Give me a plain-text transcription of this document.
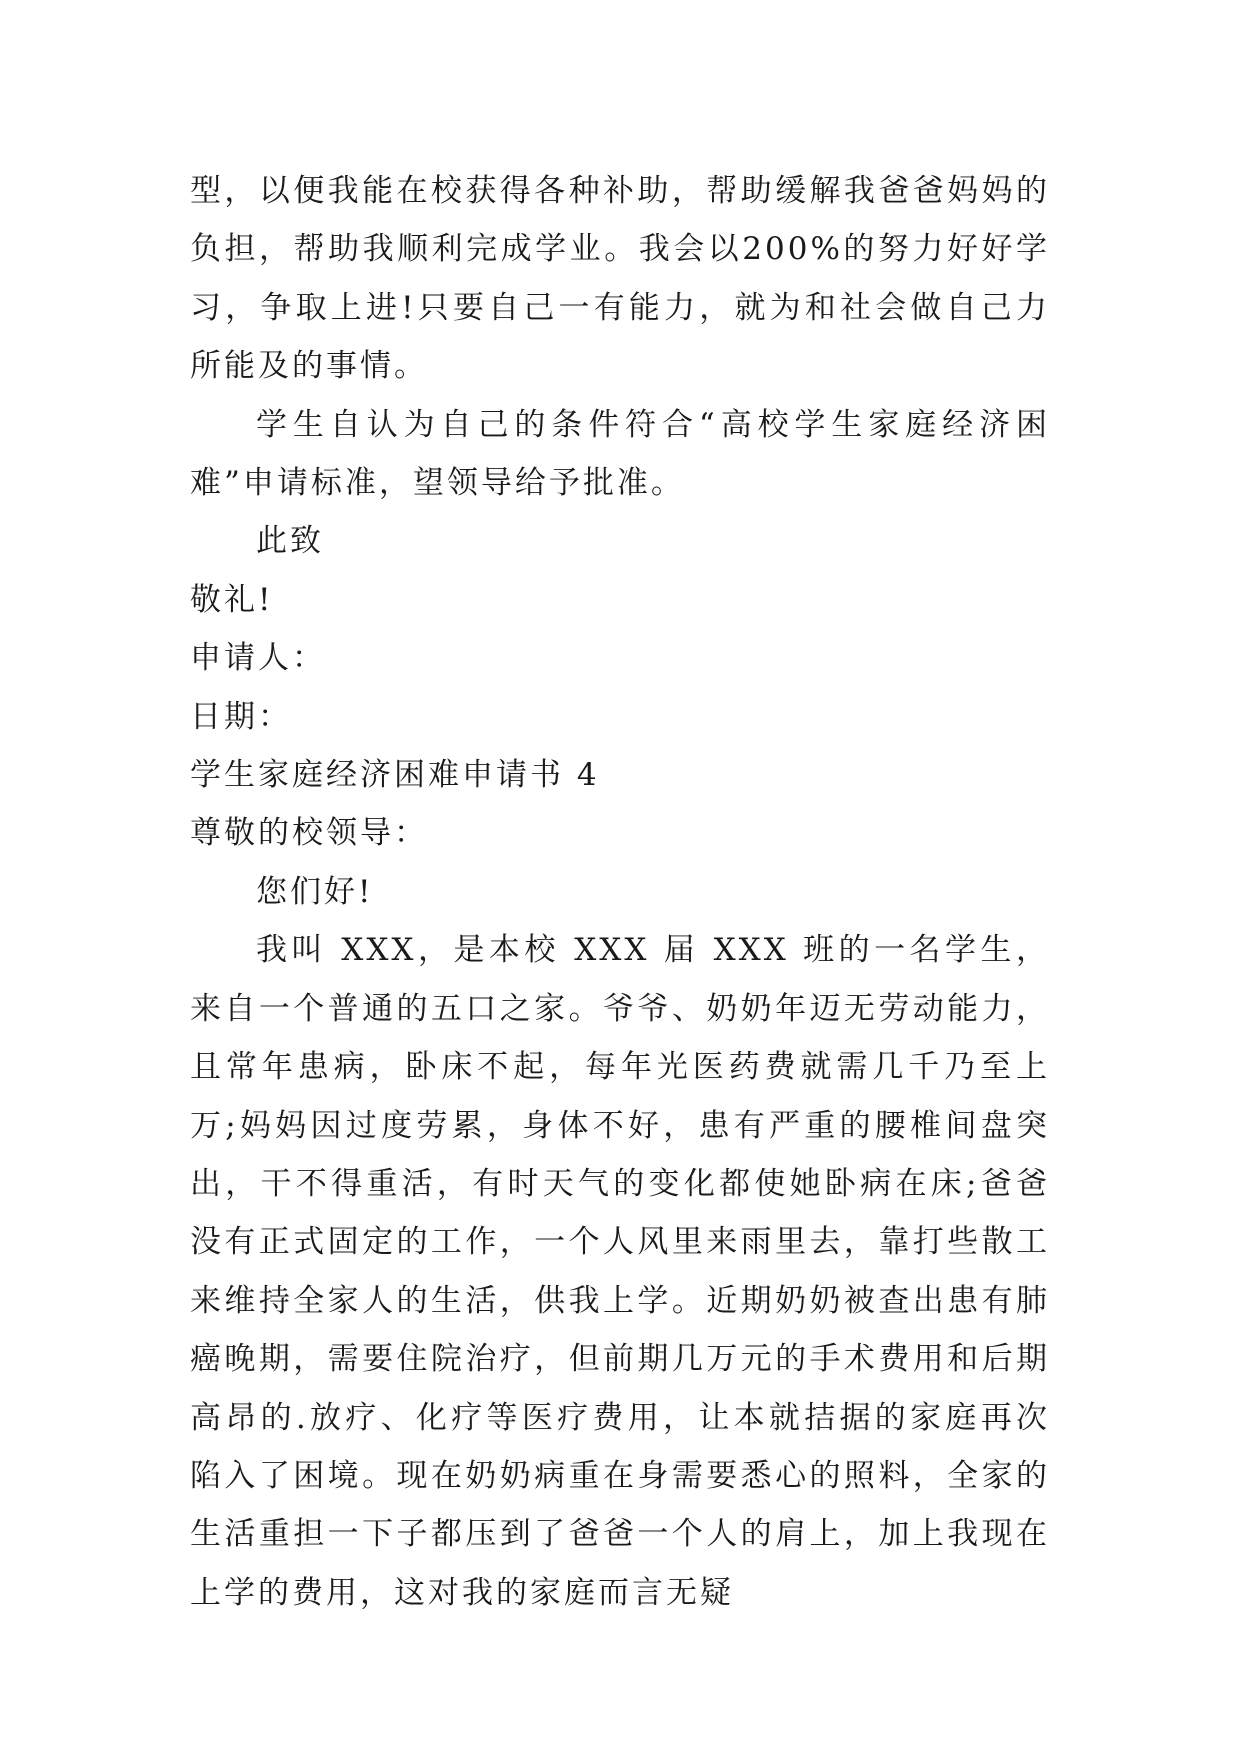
型，以便我能在校获得各种补助，帮助缓解我爸爸妈妈的负担，帮助我顺利完成学业。我会以200%的努力好好学习，争取上进!只要自己一有能力，就为和社会做自己力所能及的事情。

学生自认为自己的条件符合“高校学生家庭经济困难”申请标准，望领导给予批准。

此致

敬礼!

申请人：

日期：

学生家庭经济困难申请书 4

尊敬的校领导：

您们好!

我叫 XXX，是本校 XXX 届 XXX 班的一名学生，来自一个普通的五口之家。爷爷、奶奶年迈无劳动能力，且常年患病，卧床不起，每年光医药费就需几千乃至上万;妈妈因过度劳累，身体不好，患有严重的腰椎间盘突出，干不得重活，有时天气的变化都使她卧病在床;爸爸没有正式固定的工作，一个人风里来雨里去，靠打些散工来维持全家人的生活，供我上学。近期奶奶被查出患有肺癌晚期，需要住院治疗，但前期几万元的手术费用和后期高昂的.放疗、化疗等医疗费用，让本就拮据的家庭再次陷入了困境。现在奶奶病重在身需要悉心的照料，全家的生活重担一下子都压到了爸爸一个人的肩上，加上我现在上学的费用，这对我的家庭而言无疑
